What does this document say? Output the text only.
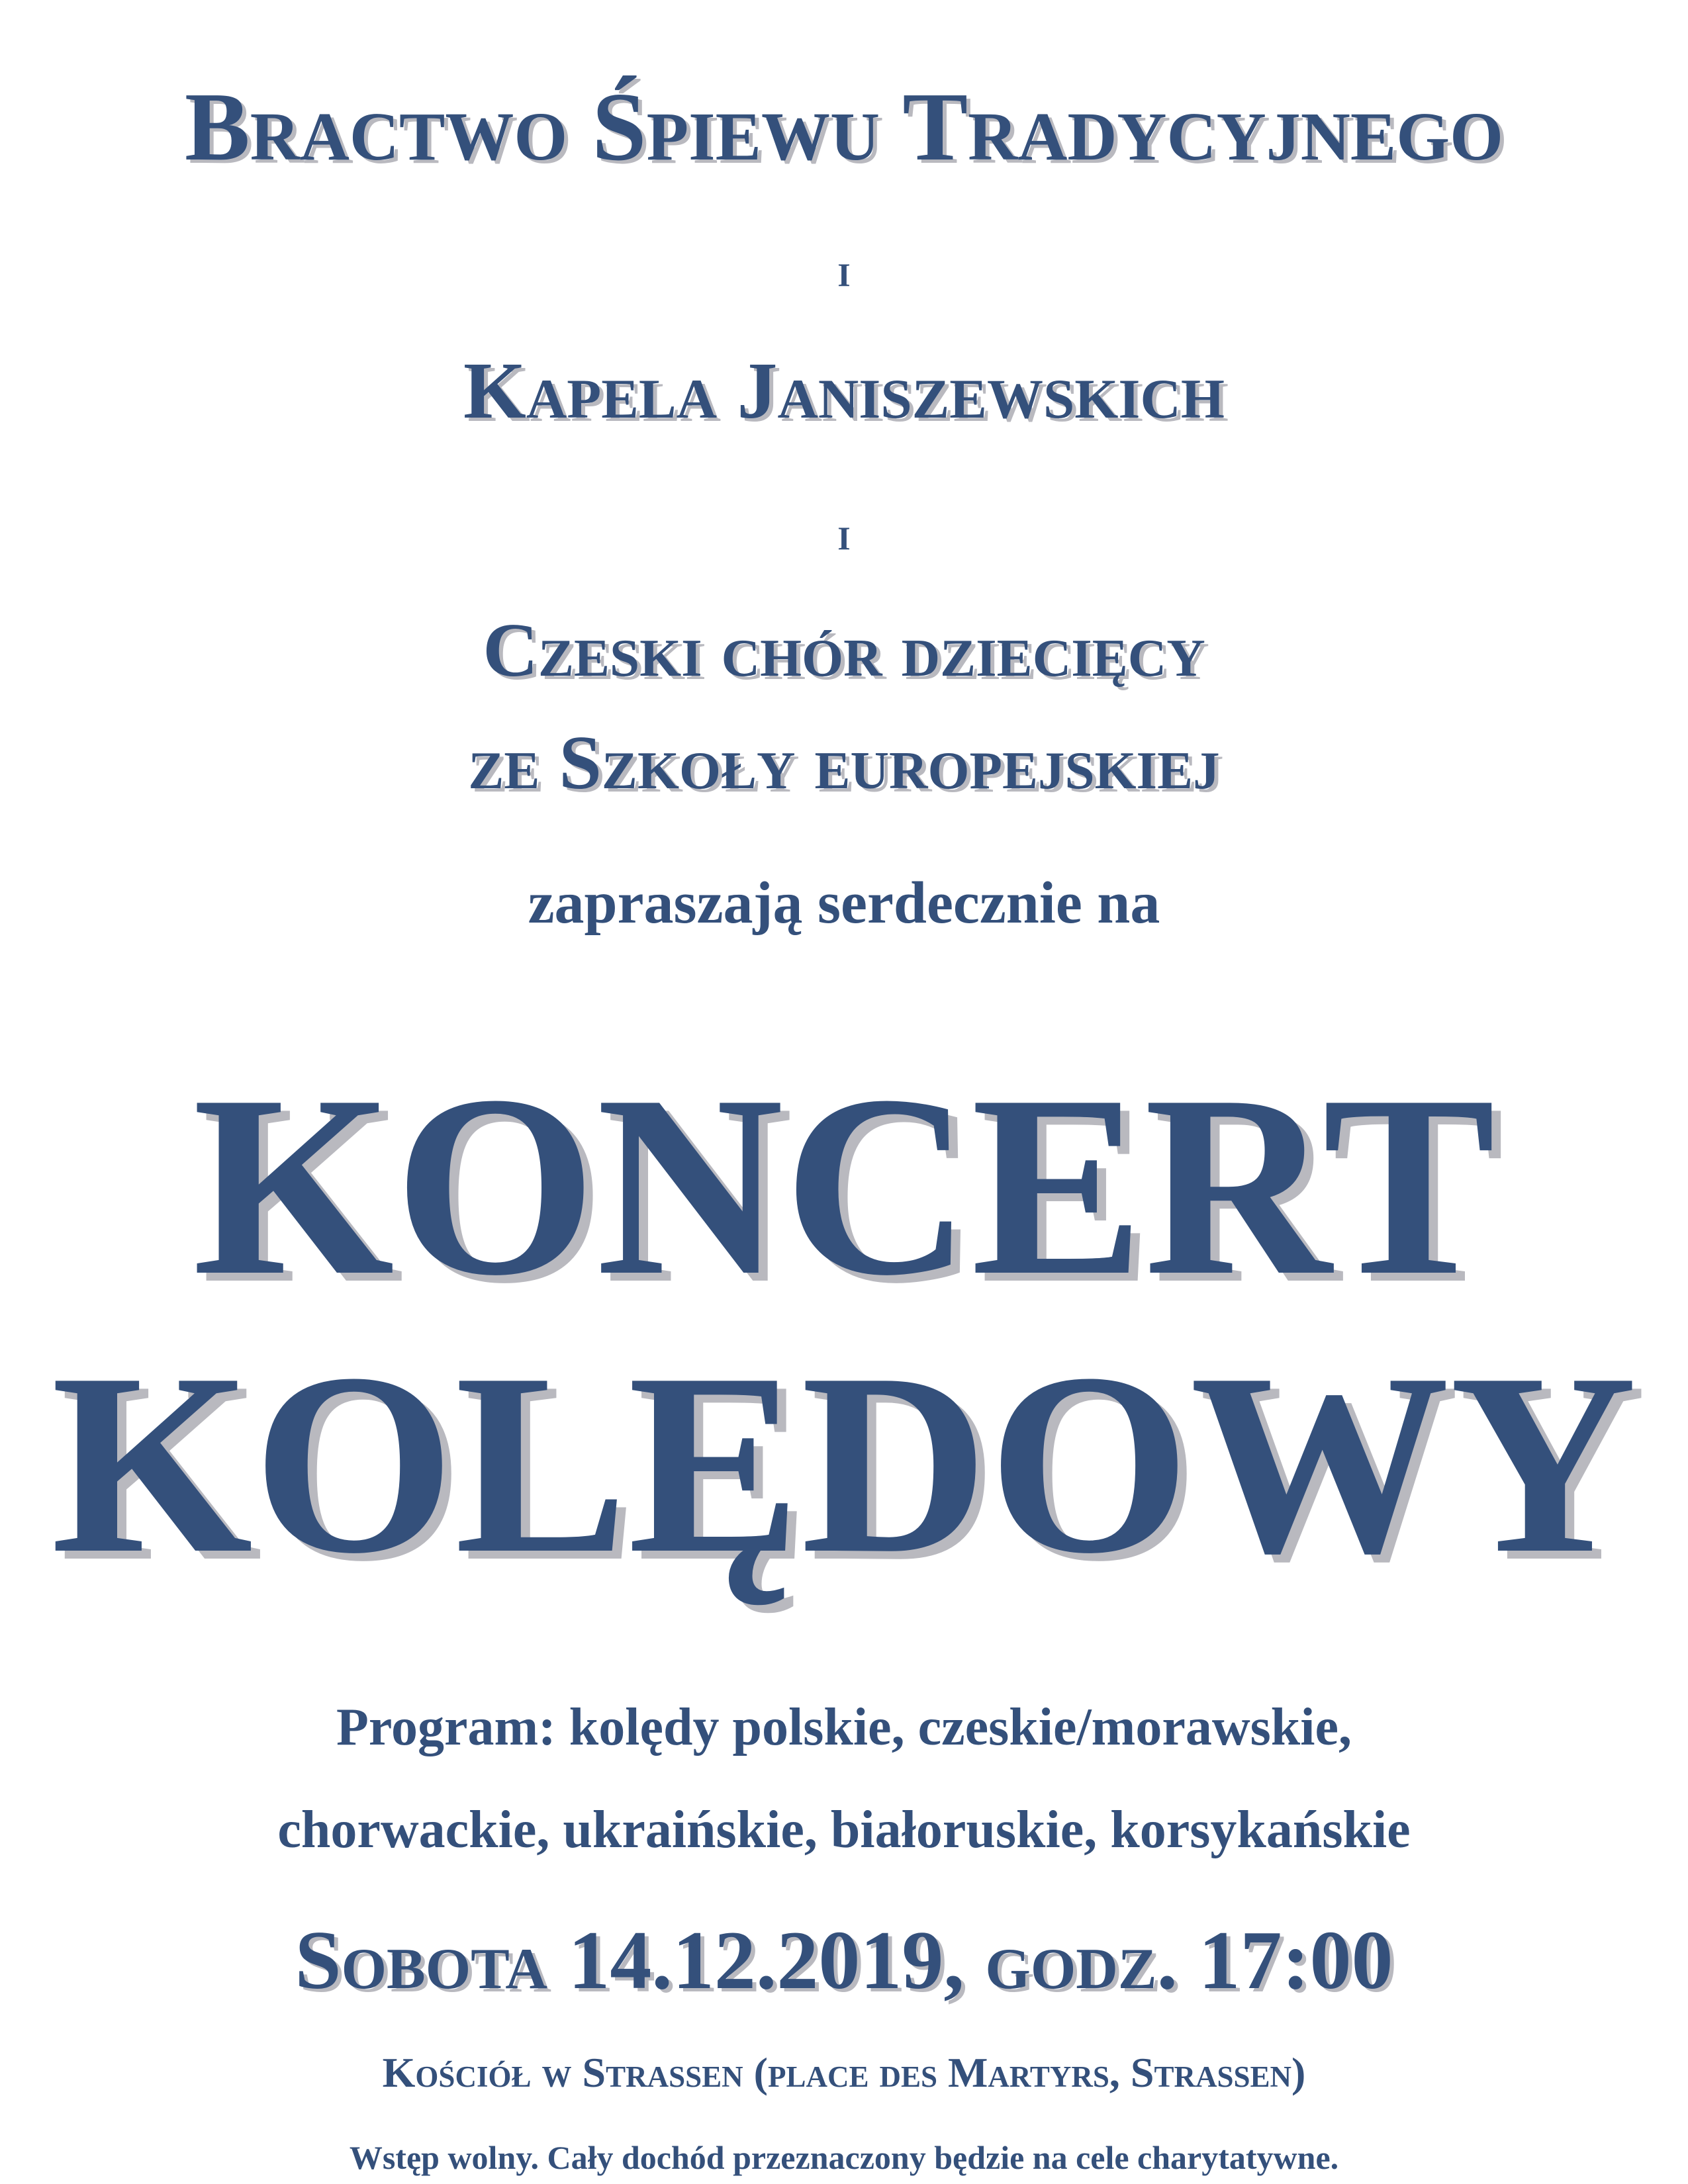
Bractwo Śpiewu Tradycyjnego
i
Kapela Janiszewskich
i
Czeski chór dziecięcy
ze Szkoły europejskiej
zapraszają serdecznie na
KONCERT
KOLĘDOWY
Program: kolędy polskie, czeskie/morawskie,
chorwackie, ukraińskie, białoruskie, korsykańskie
Sobota 14.12.2019, godz. 17:00
Kościół w Strassen (place des Martyrs, Strassen)
Wstęp wolny. Cały dochód przeznaczony będzie na cele charytatywne.
